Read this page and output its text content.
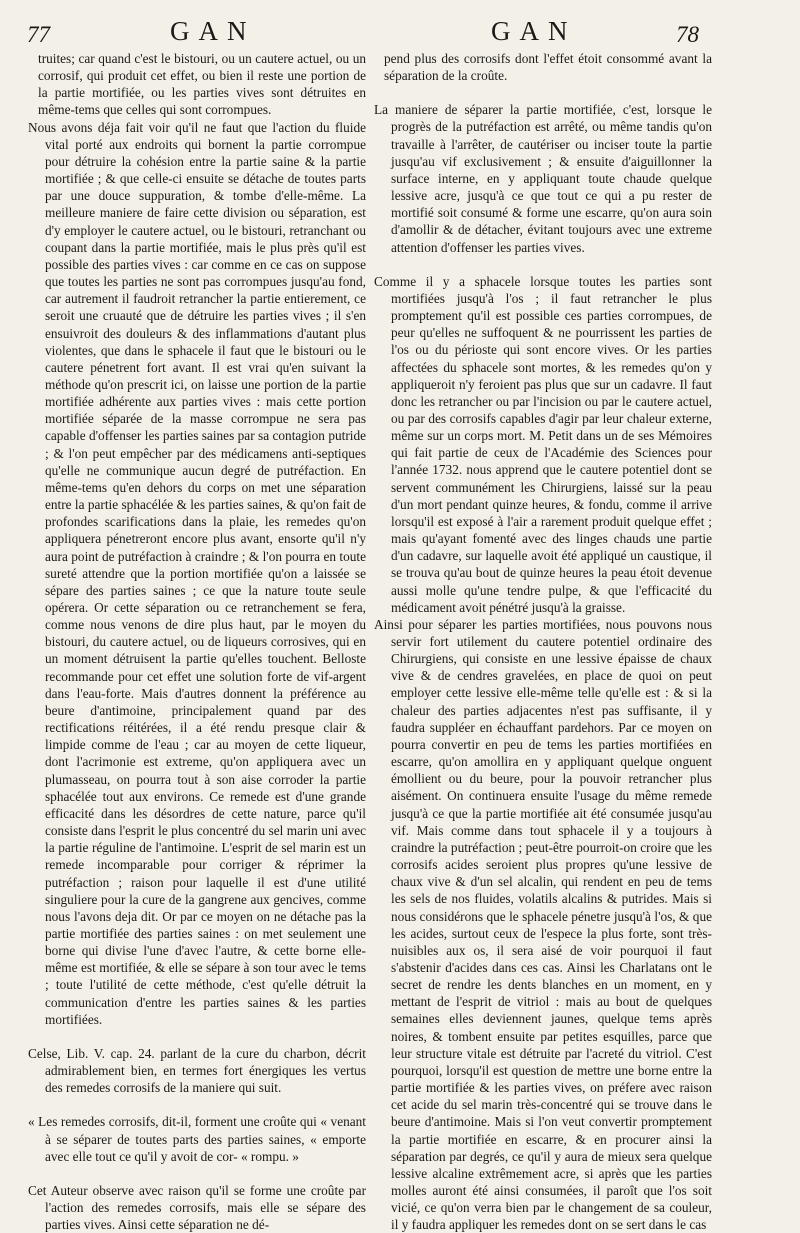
77	GAN	GAN	78

truites; car quand c'est le bistouri, ou un cautere actuel, ou un corrosif, qui produit cet effet, ou bien il reste une portion de la partie mortifiée, ou les parties vives sont détruites en même-tems que celles qui sont corrompues.

Nous avons déja fait voir qu'il ne faut que l'action du fluide vital porté aux endroits qui bornent la partie corrompue pour détruire la cohésion entre la partie saine & la partie mortifiée ; & que celle-ci ensuite se détache de toutes parts par une douce suppuration, & tombe d'elle-même. La meilleure maniere de faire cette division ou séparation, est d'y employer le cautere actuel, ou le bistouri, retranchant ou coupant dans la partie mortifiée, mais le plus près qu'il est possible des parties vives : car comme en ce cas on suppose que toutes les parties ne sont pas corrompues jusqu'au fond, car autrement il faudroit retrancher la partie entierement, ce seroit une cruauté que de détruire les parties vives ; il s'en ensuivroit des douleurs & des inflammations d'autant plus violentes, que dans le sphacele il faut que le bistouri ou le cautere pénetrent fort avant. Il est vrai qu'en suivant la méthode qu'on prescrit ici, on laisse une portion de la partie mortifiée adhérente aux parties vives : mais cette portion mortifiée séparée de la masse corrompue ne sera pas capable d'offenser les parties saines par sa contagion putride ; & l'on peut empêcher par des médicamens anti-septiques qu'elle ne communique aucun degré de putréfaction. En même-tems qu'en dehors du corps on met une séparation entre la partie sphacélée & les parties saines, & qu'on fait de profondes scarifications dans la plaie, les remedes qu'on appliquera pénetreront encore plus avant, ensorte qu'il n'y aura point de putréfaction à craindre ; & l'on pourra en toute sureté attendre que la portion mortifiée qu'on a laissée se sépare des parties saines ; ce que la nature toute seule opérera. Or cette séparation ou ce retranchement se fera, comme nous venons de dire plus haut, par le moyen du bistouri, du cautere actuel, ou de liqueurs corrosives, qui en un moment détruisent la partie qu'elles touchent. Belloste recommande pour cet effet une solution forte de vif-argent dans l'eau-forte. Mais d'autres donnent la préférence au beure d'antimoine, principalement quand par des rectifications réitérées, il a été rendu presque clair & limpide comme de l'eau ; car au moyen de cette liqueur, dont l'acrimonie est extreme, qu'on appliquera avec un plumasseau, on pourra tout à son aise corroder la partie sphacélée tout aux environs. Ce remede est d'une grande efficacité dans les désordres de cette nature, parce qu'il consiste dans l'esprit le plus concentré du sel marin uni avec la partie réguline de l'antimoine. L'esprit de sel marin est un remede incomparable pour corriger & réprimer la putréfaction ; raison pour laquelle il est d'une utilité singuliere pour la cure de la gangrene aux gencives, comme nous l'avons deja dit. Or par ce moyen on ne détache pas la partie mortifiée des parties saines : on met seulement une borne qui divise l'une d'avec l'autre, & cette borne elle-même est mortifiée, & elle se sépare à son tour avec le tems ; toute l'utilité de cette méthode, c'est qu'elle détruit la communication d'entre les parties saines & les parties mortifiées.

Celse, Lib. V. cap. 24. parlant de la cure du charbon, décrit admirablement bien, en termes fort énergiques les vertus des remedes corrosifs de la maniere qui suit.

« Les remedes corrosifs, dit-il, forment une croûte qui « venant à se séparer de toutes parts des parties saines, « emporte avec elle tout ce qu'il y avoit de cor- « rompu. »

Cet Auteur observe avec raison qu'il se forme une croûte par l'action des remedes corrosifs, mais elle se sépare des parties vives. Ainsi cette séparation ne dé-

pend plus des corrosifs dont l'effet étoit consommé avant la séparation de la croûte.

La maniere de séparer la partie mortifiée, c'est, lorsque le progrès de la putréfaction est arrêté, ou même tandis qu'on travaille à l'arrêter, de cautériser ou inciser toute la partie jusqu'au vif exclusivement ; & ensuite d'aiguillonner la surface interne, en y appliquant toute chaude quelque lessive acre, jusqu'à ce que tout ce qui a pu rester de mortifié soit consumé & forme une escarre, qu'on aura soin d'amollir & de détacher, évitant toujours avec une extreme attention d'offenser les parties vives.

Comme il y a sphacele lorsque toutes les parties sont mortifiées jusqu'à l'os ; il faut retrancher le plus promptement qu'il est possible ces parties corrompues, de peur qu'elles ne suffoquent & ne pourrissent les parties de l'os ou du périoste qui sont encore vives. Or les parties affectées du sphacele sont mortes, & les remedes qu'on y appliqueroit n'y feroient pas plus que sur un cadavre. Il faut donc les retrancher ou par l'incision ou par le cautere actuel, ou par des corrosifs capables d'agir par leur chaleur externe, même sur un corps mort. M. Petit dans un de ses Mémoires qui fait partie de ceux de l'Académie des Sciences pour l'année 1732. nous apprend que le cautere potentiel dont se servent communément les Chirurgiens, laissé sur la peau d'un mort pendant quinze heures, & fondu, comme il arrive lorsqu'il est exposé à l'air a rarement produit quelque effet ; mais qu'ayant fomenté avec des linges chauds une partie d'un cadavre, sur laquelle avoit été appliqué un caustique, il se trouva qu'au bout de quinze heures la peau étoit devenue aussi molle qu'une tendre pulpe, & que l'efficacité du médicament avoit pénétré jusqu'à la graisse.

Ainsi pour séparer les parties mortifiées, nous pouvons nous servir fort utilement du cautere potentiel ordinaire des Chirurgiens, qui consiste en une lessive épaisse de chaux vive & de cendres gravelées, en place de quoi on peut employer cette lessive elle-même telle qu'elle est : & si la chaleur des parties adjacentes n'est pas suffisante, il y faudra suppléer en échauffant pardehors. Par ce moyen on pourra convertir en peu de tems les parties mortifiées en escarre, qu'on amollira en y appliquant quelque onguent émollient ou du beure, pour la pouvoir retrancher plus aisément. On continuera ensuite l'usage du même remede jusqu'à ce que la partie mortifiée ait été consumée jusqu'au vif. Mais comme dans tout sphacele il y a toujours à craindre la putréfaction ; peut-être pourroit-on croire que les corrosifs acides seroient plus propres qu'une lessive de chaux vive & d'un sel alcalin, qui rendent en peu de tems les sels de nos fluides, volatils alcalins & putrides. Mais si nous considérons que le sphacele pénetre jusqu'à l'os, & que les acides, surtout ceux de l'espece la plus forte, sont très-nuisibles aux os, il sera aisé de voir pourquoi il faut s'abstenir d'acides dans ces cas. Ainsi les Charlatans ont le secret de rendre les dents blanches en un moment, en y mettant de l'esprit de vitriol : mais au bout de quelques semaines elles deviennent jaunes, quelque tems après noires, & tombent ensuite par petites esquilles, parce que leur structure vitale est détruite par l'acreté du vitriol. C'est pourquoi, lorsqu'il est question de mettre une borne entre la partie mortifiée & les parties vives, on préfere avec raison cet acide du sel marin très-concentré qui se trouve dans le beure d'antimoine. Mais si l'on veut convertir promptement la partie mortifiée en escarre, & en procurer ainsi la séparation par degrés, ce qu'il y aura de mieux sera quelque lessive alcaline extrêmement acre, si après que les parties molles auront été ainsi consumées, il paroît que l'os soit vicié, ce qu'on verra bien par le changement de sa couleur, il y faudra appliquer les remedes dont on se sert dans le cas
